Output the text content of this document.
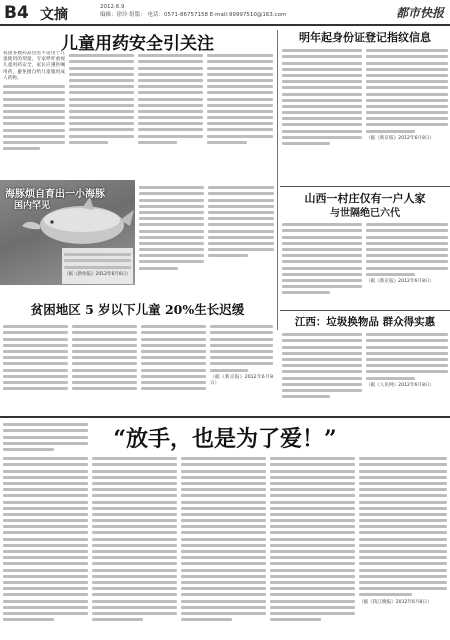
B4 文摘	2012.6.9
编辑：徐玲 组版： 电话：0571-86757158 E-mail:99997510@163.com	都市快报
儿童用药安全引关注
我国多数药品包装不适用于儿童使用的剂量，专家呼吁重视儿童用药安全，家长应遵医嘱用药，避免擅自给儿童服用成人药物。
海豚烦自育出一小海豚
国内罕见
（据《新快报》2012年6月8日）
贫困地区 5 岁以下儿童 20%生长迟缓
（据《新京报》2012年6月8日）
明年起身份证登记指纹信息
（据《新京报》2012年6月8日）
山西一村庄仅有一户人家
与世隔绝已六代
（据《新京报》2012年6月8日）
江西：垃圾换物品 群众得实惠
（据《人民网》2012年6月8日）
“放手，也是为了爱！”
（据《钱江晚报》2012年6月8日）
